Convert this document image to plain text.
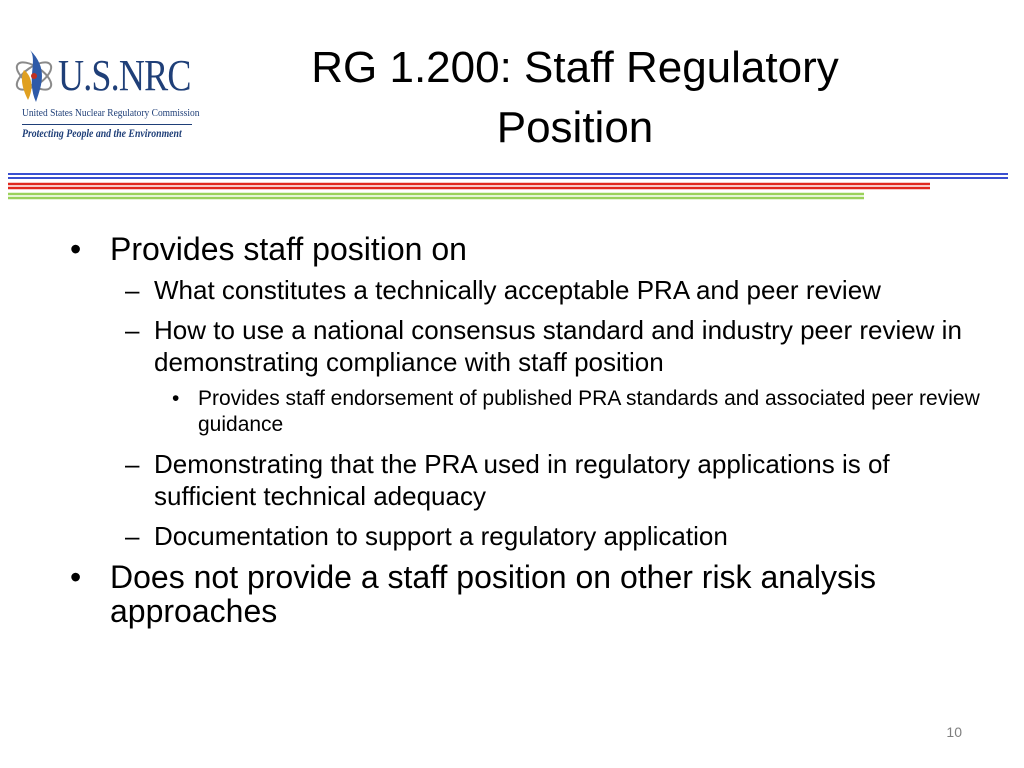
U.S.NRC
United States Nuclear Regulatory Commission
Protecting People and the Environment
RG 1.200: Staff Regulatory Position
• Provides staff position on
– What constitutes a technically acceptable PRA and peer review
– How to use a national consensus standard and industry peer review in demonstrating compliance with staff position
• Provides staff endorsement of published PRA standards and associated peer review guidance
– Demonstrating that the PRA used in regulatory applications is of sufficient technical adequacy
– Documentation to support a regulatory application
• Does not provide a staff position on other risk analysis approaches
10
